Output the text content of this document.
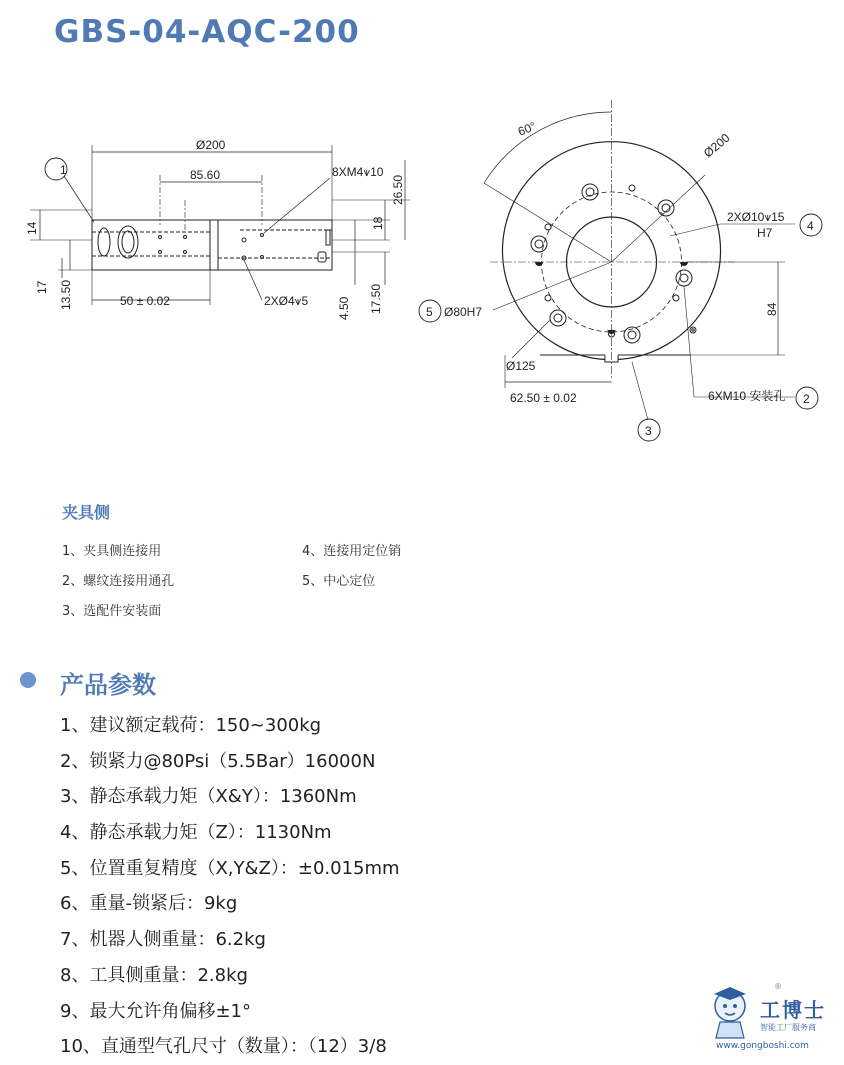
GBS-04-AQC-200
Ø200
85.60	8XM4⩛10
50 ± 0.02	2XØ4⩛5
1
26.50
14	18
17 13.50	4.50 17.50
60°
Ø200
2XØ10⩛15
H7
84
Ø80H7
Ø125
62.50 ± 0.02	6XM10 安装孔
5
3
4
2
夹具侧
1、夹具侧连接用
2、螺纹连接用通孔
3、选配件安装面
4、连接用定位销
5、中心定位
产品参数
1、建议额定载荷：150~300kg
2、锁紧力@80Psi（5.5Bar）16000N
3、静态承载力矩（X&Y）：1360Nm
4、静态承载力矩（Z）：1130Nm
5、位置重复精度（X,Y&Z）：±0.015mm
6、重量-锁紧后：9kg
7、机器人侧重量：6.2kg
8、工具侧重量：2.8kg
9、最大允许角偏移±1°
10、直通型气孔尺寸（数量）：（12）3/8
®
工博士
智能工厂服务商
www.gongboshi.com
